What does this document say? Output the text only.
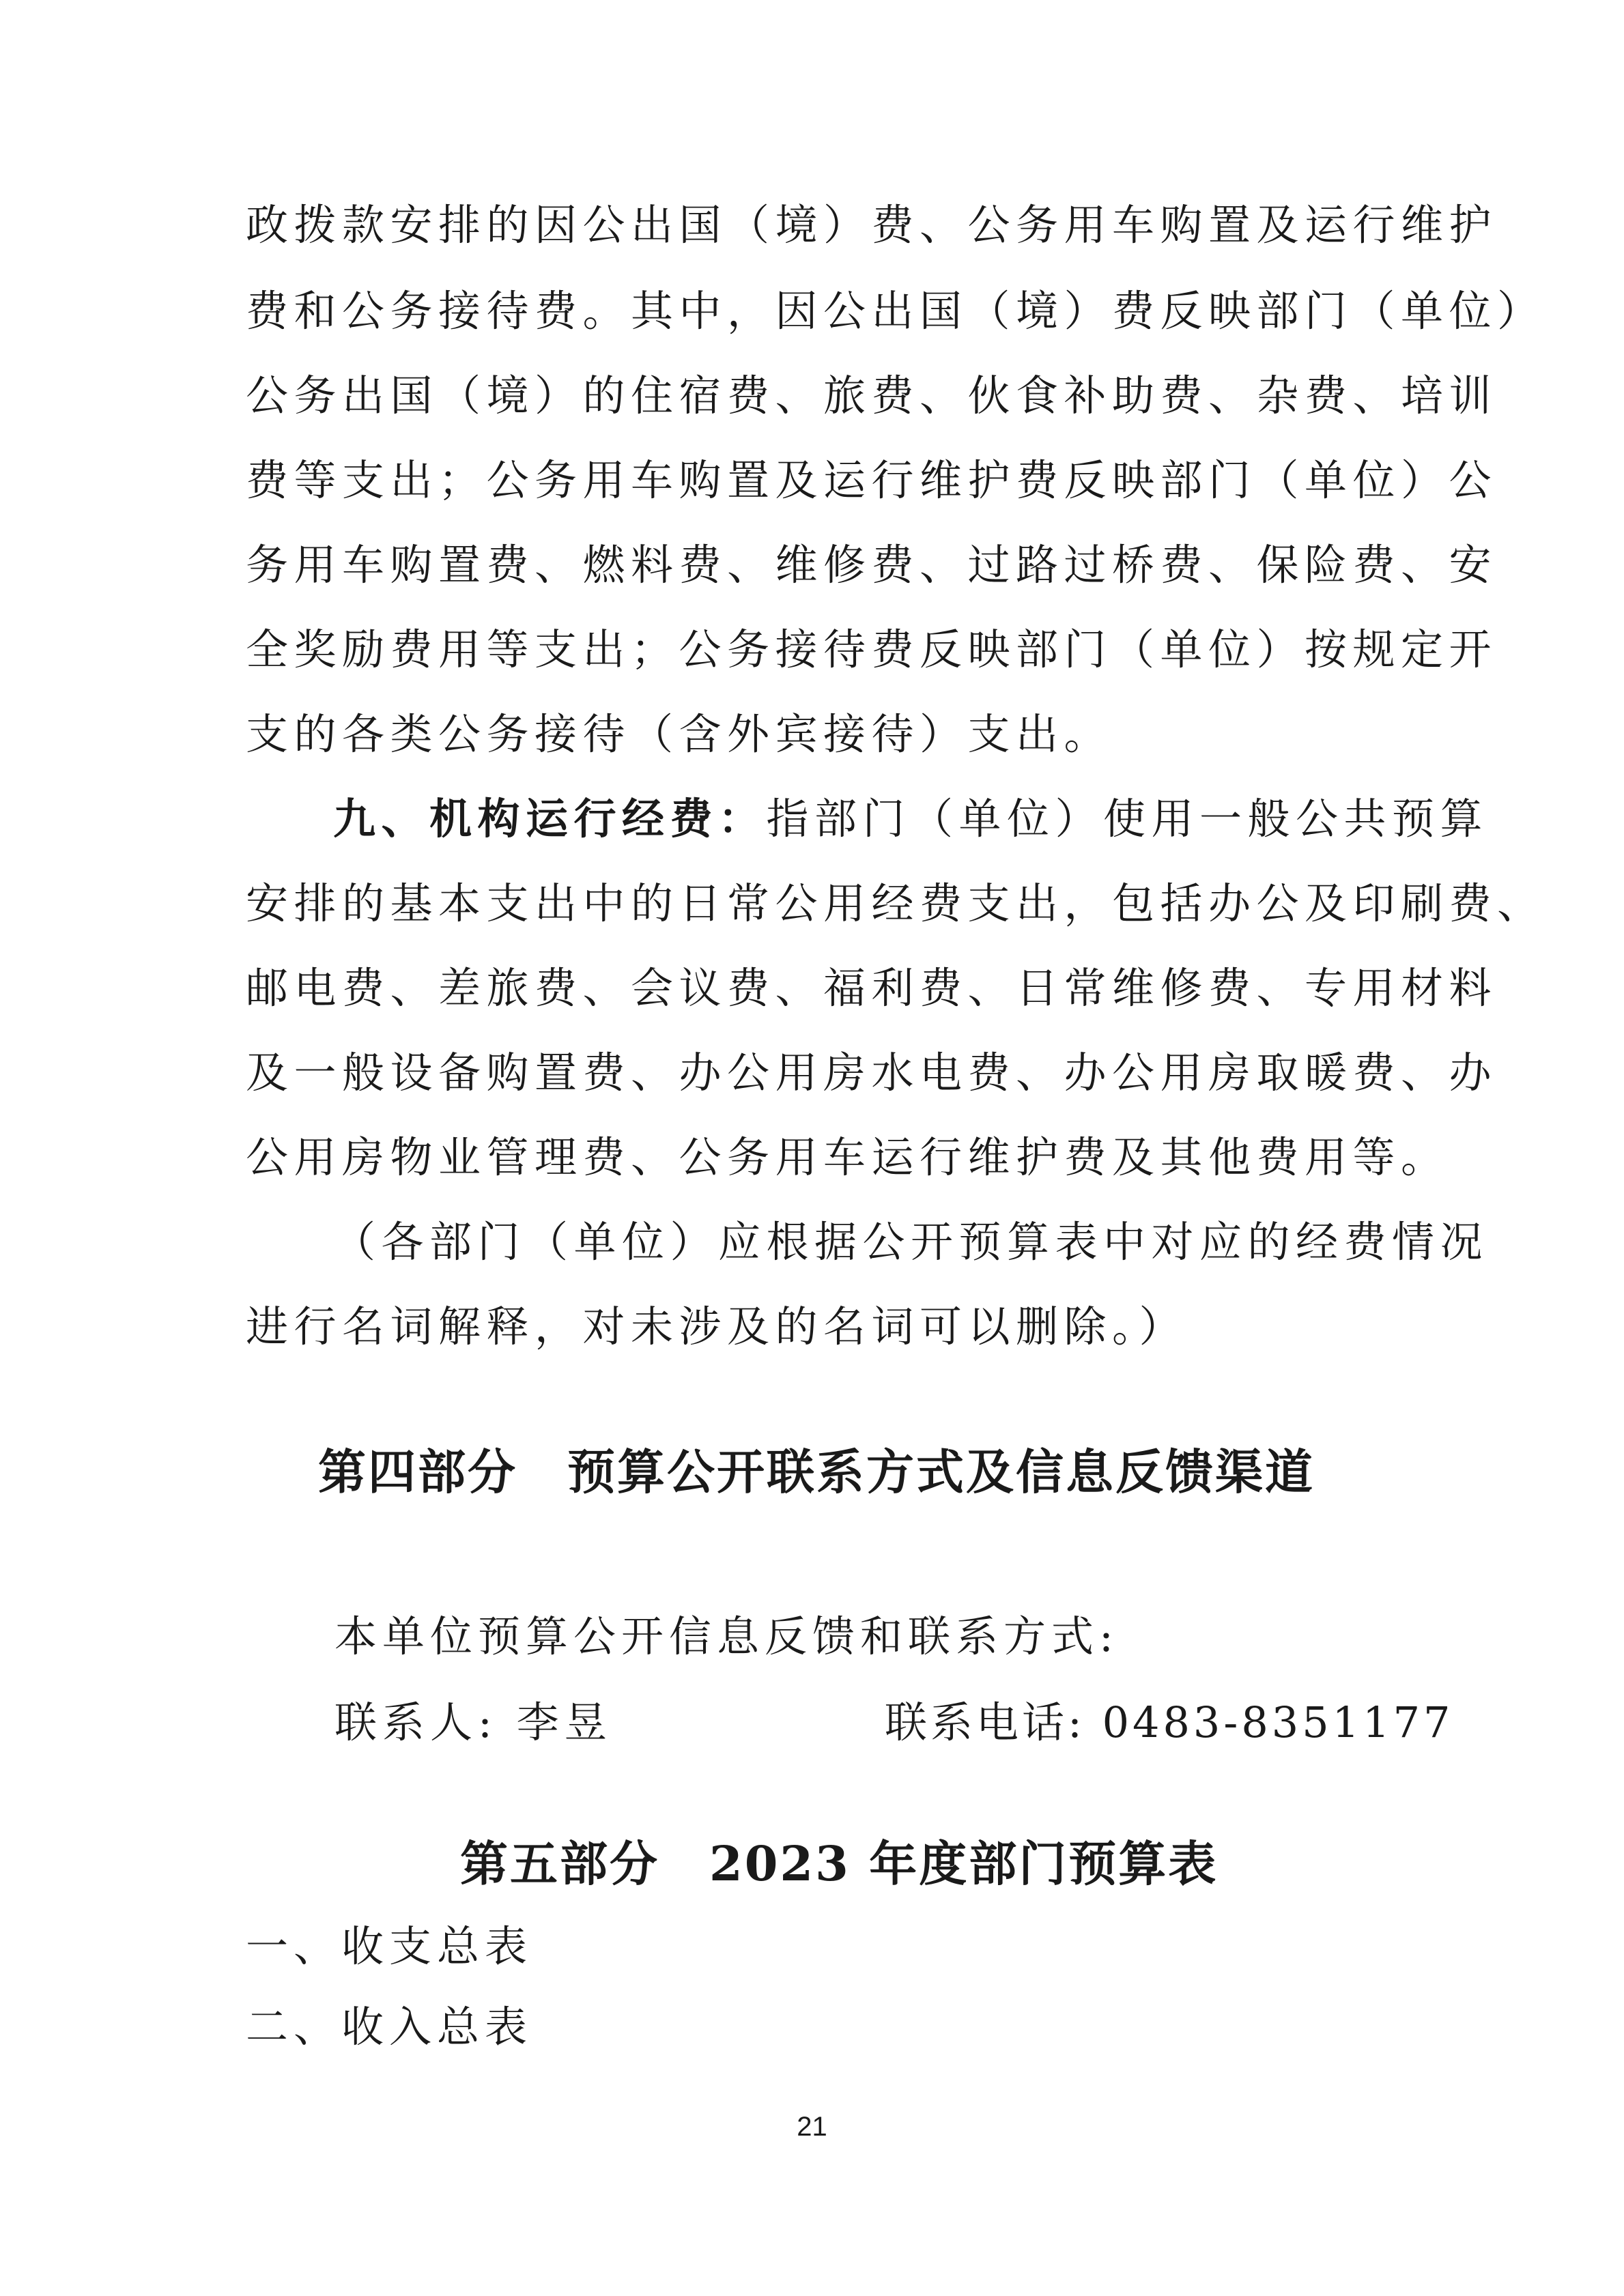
政拨款安排的因公出国（境）费、公务用车购置及运行维护
费和公务接待费。其中，因公出国（境）费反映部门（单位）
公务出国（境）的住宿费、旅费、伙食补助费、杂费、培训
费等支出；公务用车购置及运行维护费反映部门（单位）公
务用车购置费、燃料费、维修费、过路过桥费、保险费、安
全奖励费用等支出；公务接待费反映部门（单位）按规定开
支的各类公务接待（含外宾接待）支出。
九、机构运行经费：指部门（单位）使用一般公共预算
安排的基本支出中的日常公用经费支出，包括办公及印刷费、
邮电费、差旅费、会议费、福利费、日常维修费、专用材料
及一般设备购置费、办公用房水电费、办公用房取暖费、办
公用房物业管理费、公务用车运行维护费及其他费用等。
（各部门（单位）应根据公开预算表中对应的经费情况
进行名词解释，对未涉及的名词可以删除。）
第四部分　预算公开联系方式及信息反馈渠道
本单位预算公开信息反馈和联系方式:
联系人: 李昱	联系电话: 0483-8351177
第五部分　2023 年度部门预算表
一、收支总表
二、收入总表
21
